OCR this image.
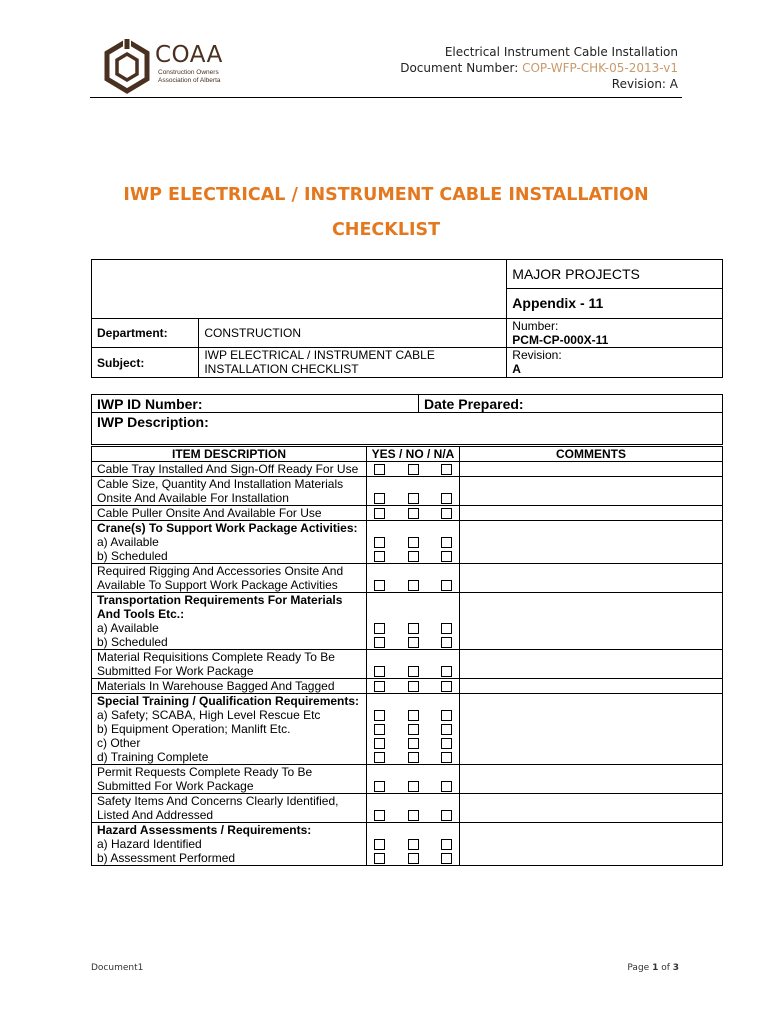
COAA
Construction Owners
Association of Alberta
Electrical Instrument Cable Installation
Document Number: COP-WFP-CHK-05-2013-v1
Revision: A
IWP ELECTRICAL / INSTRUMENT CABLE INSTALLATION
CHECKLIST
		MAJOR PROJECTS
		Appendix - 11
Department:	CONSTRUCTION	Number:
PCM-CP-000X-11

Subject:	IWP ELECTRICAL / INSTRUMENT CABLE INSTALLATION CHECKLIST	Revision:
A
IWP ID Number:	Date Prepared:
IWP Description:
ITEM DESCRIPTION	YES / NO / N/A	COMMENTS

Cable Tray Installed And Sign-Off Ready For Use		

Cable Size, Quantity And Installation Materials Onsite And Available For Installation		

Cable Puller Onsite And Available For Use		

Crane(s) To Support Work Package Activities:
a) Available
b) Scheduled		

Required Rigging And Accessories Onsite And Available To Support Work Package Activities		

Transportation Requirements For Materials And Tools Etc.:
a) Available
b) Scheduled		

Material Requisitions Complete Ready To Be Submitted For Work Package		

Materials In Warehouse Bagged And Tagged		

Special Training / Qualification Requirements:
a) Safety; SCABA, High Level Rescue Etc
b) Equipment Operation; Manlift Etc.
c) Other
d) Training Complete		

Permit Requests Complete Ready To Be Submitted For Work Package		

Safety Items And Concerns Clearly Identified, Listed And Addressed		

Hazard Assessments / Requirements:
a) Hazard Identified
b) Assessment Performed		

Document1	Page 1 of 3
